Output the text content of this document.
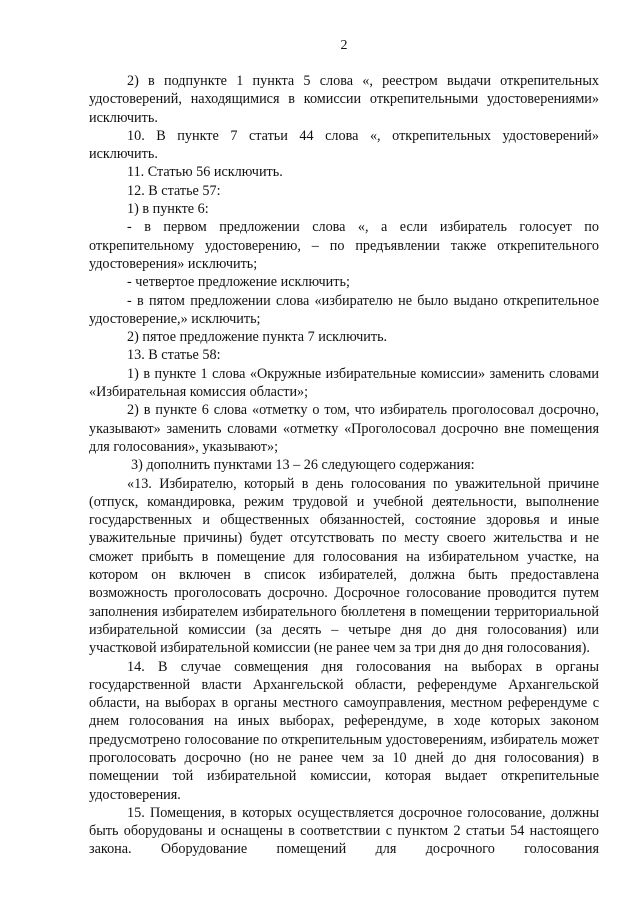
2

2) в подпункте 1 пункта 5 слова «, реестром выдачи открепительных удостоверений, находящимися в комиссии открепительными удостоверениями» исключить.

10. В пункте 7 статьи 44 слова «, открепительных удостоверений» исключить.

11. Статью 56 исключить.

12. В статье 57:

1) в пункте 6:

- в первом предложении слова «, а если избиратель голосует по открепительному удостоверению, – по предъявлении также открепительного удостоверения» исключить;

- четвертое предложение исключить;

- в пятом предложении слова «избирателю не было выдано открепительное удостоверение,» исключить;

2) пятое предложение пункта 7 исключить.

13. В статье 58:

1) в пункте 1 слова «Окружные избирательные комиссии» заменить словами «Избирательная комиссия области»;

2) в пункте 6 слова «отметку о том, что избиратель проголосовал досрочно, указывают» заменить словами «отметку «Проголосовал досрочно вне помещения для голосования», указывают»;

3) дополнить пунктами 13 – 26 следующего содержания:

«13. Избирателю, который в день голосования по уважительной причине (отпуск, командировка, режим трудовой и учебной деятельности, выполнение государственных и общественных обязанностей, состояние здоровья и иные уважительные причины) будет отсутствовать по месту своего жительства и не сможет прибыть в помещение для голосования на избирательном участке, на котором он включен в список избирателей, должна быть предоставлена возможность проголосовать досрочно. Досрочное голосование проводится путем заполнения избирателем избирательного бюллетеня в помещении территориальной избирательной комиссии (за десять – четыре дня до дня голосования) или участковой избирательной комиссии (не ранее чем за три дня до дня голосования).

14. В случае совмещения дня голосования на выборах в органы государственной власти Архангельской области, референдуме Архангельской области, на выборах в органы местного самоуправления, местном референдуме с днем голосования на иных выборах, референдуме, в ходе которых законом предусмотрено голосование по открепительным удостоверениям, избиратель может проголосовать досрочно (но не ранее чем за 10 дней до дня голосования) в помещении той избирательной комиссии, которая выдает открепительные удостоверения.

15. Помещения, в которых осуществляется досрочное голосование, должны быть оборудованы и оснащены в соответствии с пунктом 2 статьи 54 настоящего закона. Оборудование помещений для досрочного голосования
